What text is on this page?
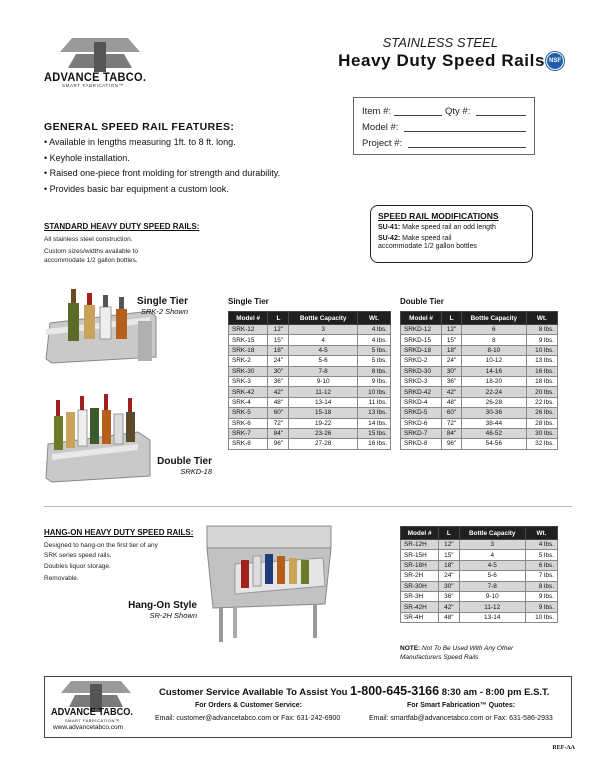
ADVANCE TABCO.
SMART FABRICATION™
STAINLESS STEEL
Heavy Duty Speed Rails NSF
Item #:	Qty #:
Model #:
Project #:
GENERAL SPEED RAIL FEATURES:
• Available in lengths measuring 1ft. to 8 ft. long.
• Keyhole installation.
• Raised one-piece front molding for strength and durability.
• Provides basic bar equipment a custom look.
STANDARD HEAVY DUTY SPEED RAILS:
All stainless steel construction.
Custom sizes/widths available to
accommodate 1/2 gallon bottles.
SPEED RAIL MODIFICATIONS
SU-41: Make speed rail an odd length
SU-42: Make speed rail
accommodate 1/2 gallon bottles
Single Tier
SRK-2 Shown
Double Tier
SRKD-18
Single Tier
Model #	L	Bottle Capacity	Wt.
SRK-12	12"	3	4 lbs.
SRK-15	15"	4	4 lbs.
SRK-18	18"	4-5	5 lbs.
SRK-2	24"	5-6	5 lbs.
SRK-30	30"	7-8	8 lbs.
SRK-3	36"	9-10	9 lbs.
SRK-42	42"	11-12	10 lbs.
SRK-4	48"	13-14	11 lbs.
SRK-5	60"	15-18	13 lbs.
SRK-6	72"	19-22	14 lbs.
SRK-7	84"	23-26	15 lbs.
SRK-8	96"	27-28	16 lbs.
Double Tier
Model #	L	Bottle Capacity	Wt.
SRKD-12	12"	6	8 lbs.
SRKD-15	15"	8	9 lbs.
SRKD-18	18"	8-10	10 lbs.
SRKD-2	24"	10-12	13 lbs.
SRKD-30	30"	14-16	16 lbs.
SRKD-3	36"	18-20	18 lbs.
SRKD-42	42"	22-24	20 lbs.
SRKD-4	48"	26-28	22 lbs.
SRKD-5	60"	30-36	26 lbs.
SRKD-6	72"	38-44	28 lbs.
SRKD-7	84"	46-52	30 lbs.
SRKD-8	96"	54-56	32 lbs.
HANG-ON HEAVY DUTY SPEED RAILS:
Designed to hang-on the first tier of any
SRK series speed rails.
Doubles liquor storage.
Removable.
Hang-On Style
SR-2H Shown
Model #	L	Bottle Capacity	Wt.
SR-12H	12"	3	4 lbs.
SR-15H	15"	4	5 lbs.
SR-18H	18"	4-5	6 lbs.
SR-2H	24"	5-6	7 lbs.
SR-30H	30"	7-8	8 lbs.
SR-3H	36"	9-10	9 lbs.
SR-42H	42"	11-12	9 lbs.
SR-4H	48"	13-14	10 lbs.
NOTE: Not To Be Used With Any Other
Manufacturers Speed Rails
ADVANCE TABCO.
SMART FABRICATION™
www.advancetabco.com
Customer Service Available To Assist You 1-800-645-3166 8:30 am - 8:00 pm E.S.T.
For Orders & Customer Service:
Email: customer@advancetabco.com or Fax: 631-242-6900
For Smart Fabrication™ Quotes:
Email: smartfab@advancetabco.com or Fax: 631-586-2933
REF-AA
